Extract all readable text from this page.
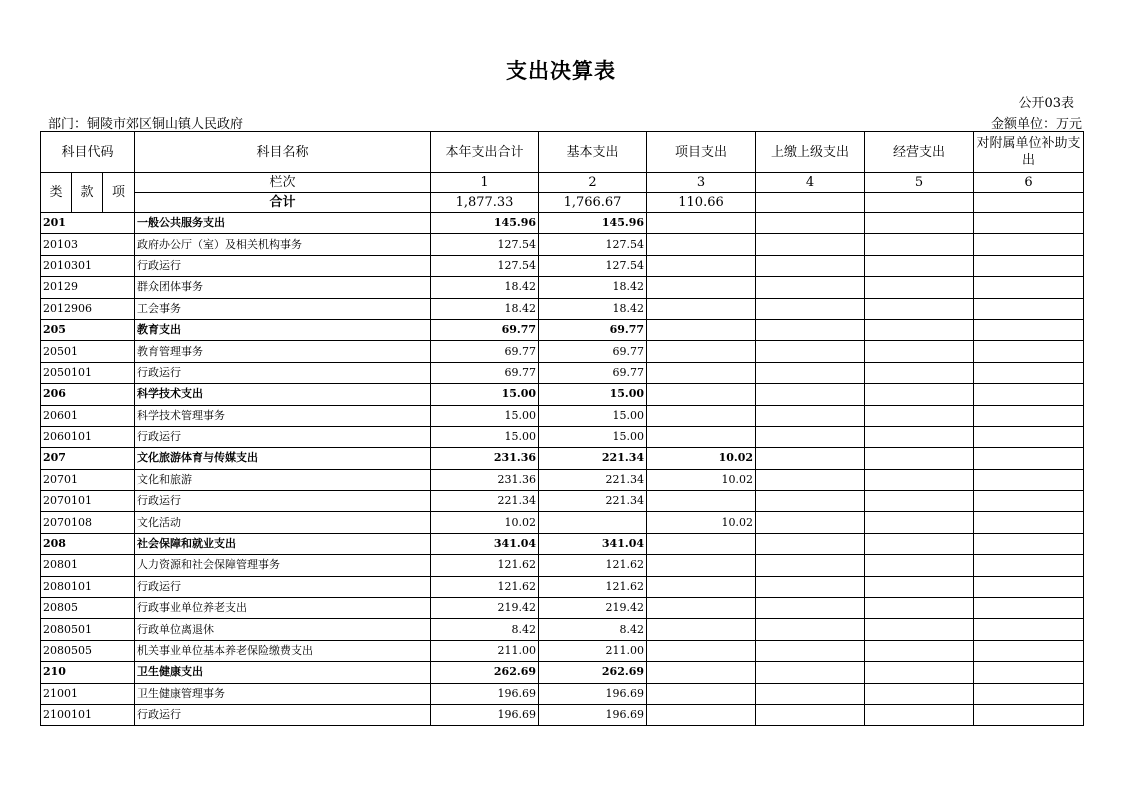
支出决算表
公开03表
部门：铜陵市郊区铜山镇人民政府	金额单位：万元
科目代码			科目名称	本年支出合计	基本支出	项目支出	上缴上级支出	经营支出	对附属单位补助支出
类	款	项	栏次	1	2	3	4	5	6
			合计	1,877.33	1,766.67	110.66			
201			一般公共服务支出	145.96	145.96				
20103			政府办公厅（室）及相关机构事务	127.54	127.54				
2010301			行政运行	127.54	127.54				
20129			群众团体事务	18.42	18.42				
2012906			工会事务	18.42	18.42				
205			教育支出	69.77	69.77				
20501			教育管理事务	69.77	69.77				
2050101			行政运行	69.77	69.77				
206			科学技术支出	15.00	15.00				
20601			科学技术管理事务	15.00	15.00				
2060101			行政运行	15.00	15.00				
207			文化旅游体育与传媒支出	231.36	221.34	10.02			
20701			文化和旅游	231.36	221.34	10.02			
2070101			行政运行	221.34	221.34				
2070108			文化活动	10.02		10.02			
208			社会保障和就业支出	341.04	341.04				
20801			人力资源和社会保障管理事务	121.62	121.62				
2080101			行政运行	121.62	121.62				
20805			行政事业单位养老支出	219.42	219.42				
2080501			行政单位离退休	8.42	8.42				
2080505			机关事业单位基本养老保险缴费支出	211.00	211.00				
210			卫生健康支出	262.69	262.69				
21001			卫生健康管理事务	196.69	196.69				
2100101			行政运行	196.69	196.69				
